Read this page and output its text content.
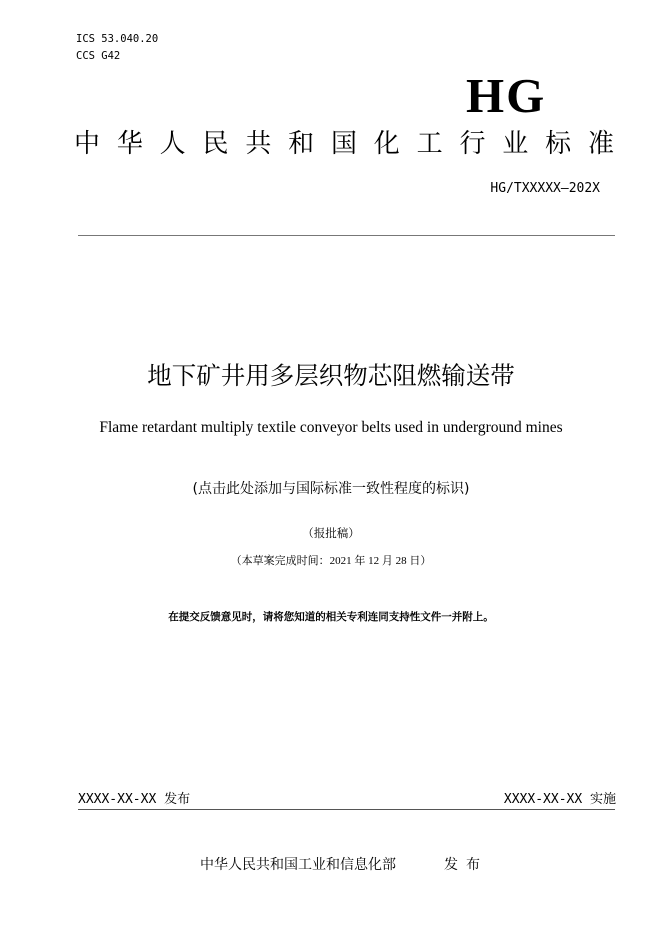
ICS 53.040.20
CCS G42
HG
中 华 人 民 共 和 国 化 工 行 业 标 准
HG/TXXXXX—202X
地下矿井用多层织物芯阻燃输送带
Flame retardant multiply textile conveyor belts used in underground mines
(点击此处添加与国际标准一致性程度的标识)
（报批稿）
（本草案完成时间：2021 年 12 月 28 日）
在提交反馈意见时，请将您知道的相关专利连同支持性文件一并附上。
XXXX-XX-XX 发布	XXXX-XX-XX 实施
中华人民共和国工业和信息化部	发布
